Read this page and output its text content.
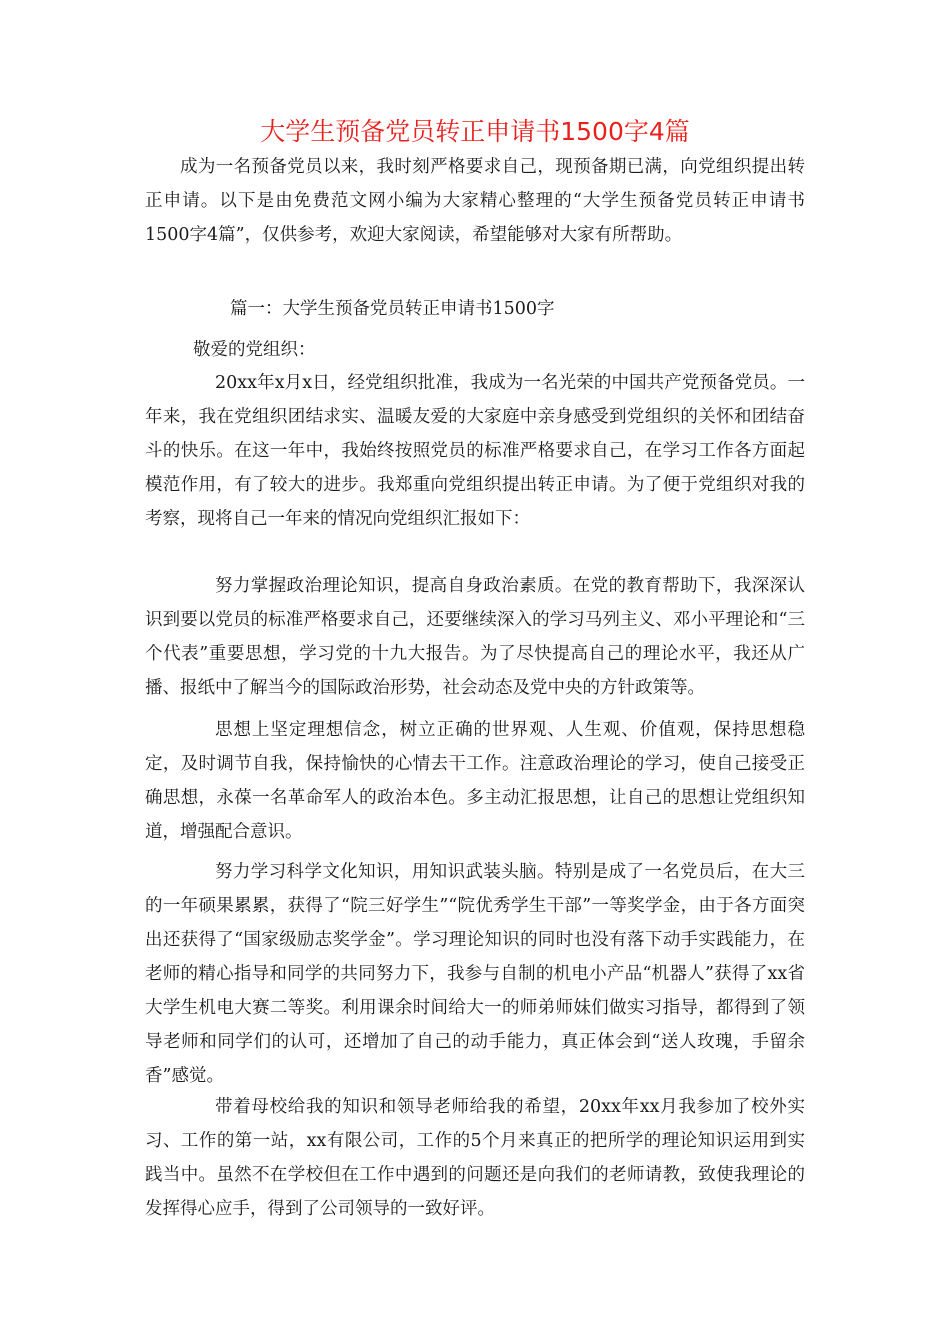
大学生预备党员转正申请书1500字4篇

成为一名预备党员以来，我时刻严格要求自己，现预备期已满，向党组织提出转正申请。以下是由免费范文网小编为大家精心整理的“大学生预备党员转正申请书1500字4篇”，仅供参考，欢迎大家阅读，希望能够对大家有所帮助。

篇一：大学生预备党员转正申请书1500字

敬爱的党组织：

20xx年x月x日，经党组织批准，我成为一名光荣的中国共产党预备党员。一年来，我在党组织团结求实、温暖友爱的大家庭中亲身感受到党组织的关怀和团结奋斗的快乐。在这一年中，我始终按照党员的标准严格要求自己，在学习工作各方面起模范作用，有了较大的进步。我郑重向党组织提出转正申请。为了便于党组织对我的考察，现将自己一年来的情况向党组织汇报如下：

努力掌握政治理论知识，提高自身政治素质。在党的教育帮助下，我深深认识到要以党员的标准严格要求自己，还要继续深入的学习马列主义、邓小平理论和“三个代表”重要思想，学习党的十九大报告。为了尽快提高自己的理论水平，我还从广播、报纸中了解当今的国际政治形势，社会动态及党中央的方针政策等。

思想上坚定理想信念，树立正确的世界观、人生观、价值观，保持思想稳定，及时调节自我，保持愉快的心情去干工作。注意政治理论的学习，使自己接受正确思想，永葆一名革命军人的政治本色。多主动汇报思想，让自己的思想让党组织知道，增强配合意识。

努力学习科学文化知识，用知识武装头脑。特别是成了一名党员后，在大三的一年硕果累累，获得了“院三好学生”“院优秀学生干部”一等奖学金，由于各方面突出还获得了“国家级励志奖学金”。学习理论知识的同时也没有落下动手实践能力，在老师的精心指导和同学的共同努力下，我参与自制的机电小产品“机器人”获得了xx省大学生机电大赛二等奖。利用课余时间给大一的师弟师妹们做实习指导，都得到了领导老师和同学们的认可，还增加了自己的动手能力，真正体会到“送人玫瑰，手留余香”感觉。

带着母校给我的知识和领导老师给我的希望，20xx年xx月我参加了校外实习、工作的第一站，xx有限公司，工作的5个月来真正的把所学的理论知识运用到实践当中。虽然不在学校但在工作中遇到的问题还是向我们的老师请教，致使我理论的发挥得心应手，得到了公司领导的一致好评。
